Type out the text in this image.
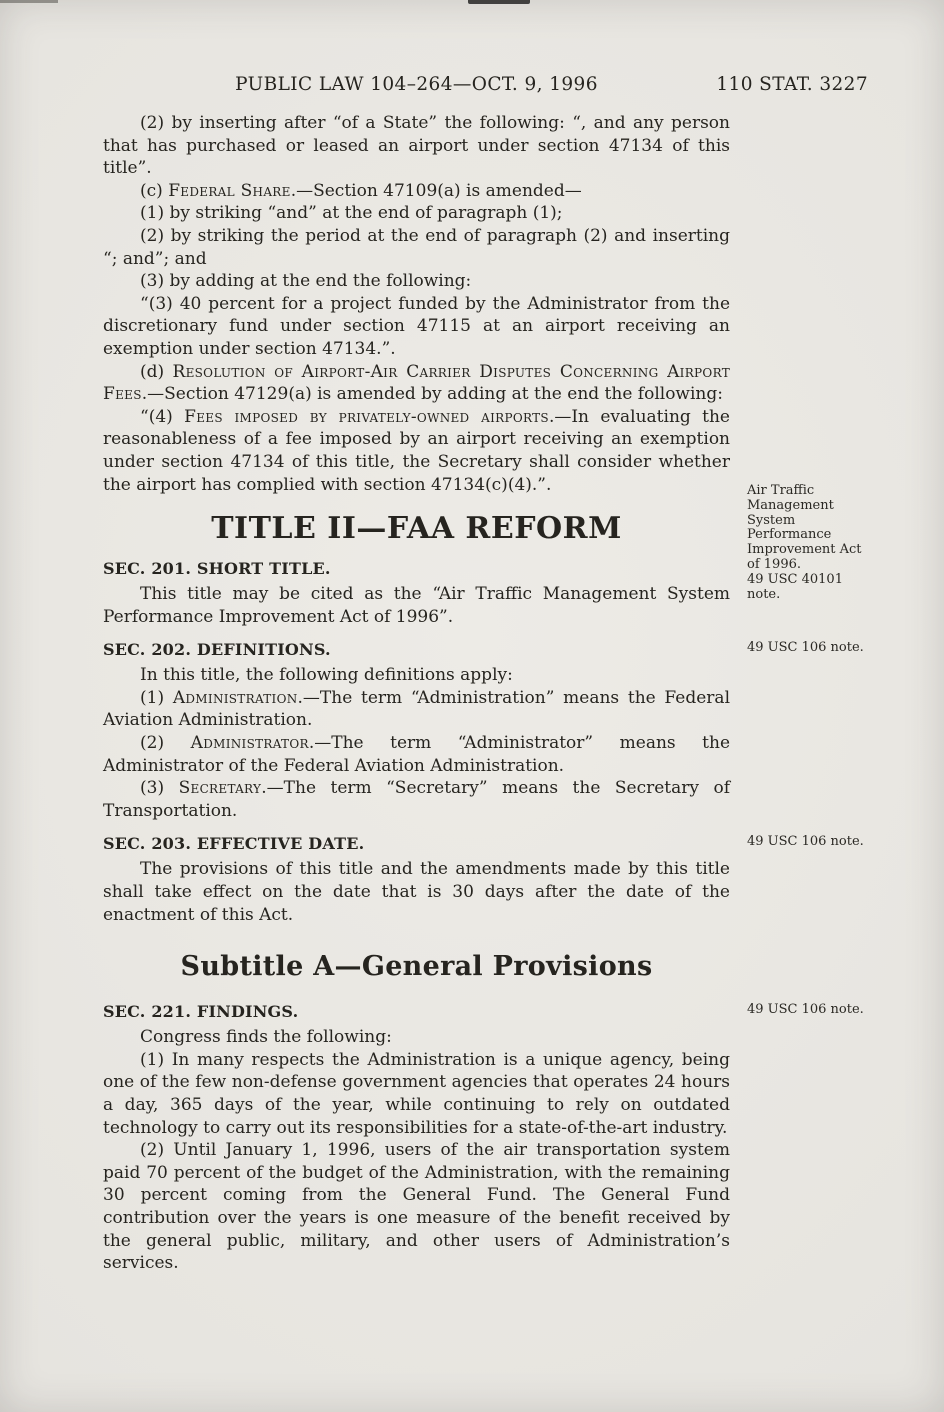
PUBLIC LAW 104–264—OCT. 9, 1996	110 STAT. 3227

(2) by inserting after “of a State” the following: “, and any person that has purchased or leased an airport under section 47134 of this title”.

(c) Federal Share.—Section 47109(a) is amended—

(1) by striking “and” at the end of paragraph (1);

(2) by striking the period at the end of paragraph (2) and inserting “; and”; and

(3) by adding at the end the following:

“(3) 40 percent for a project funded by the Administrator from the discretionary fund under section 47115 at an airport receiving an exemption under section 47134.”.

(d) Resolution of Airport-Air Carrier Disputes Concerning Airport Fees.—Section 47129(a) is amended by adding at the end the following:

“(4) Fees imposed by privately-owned airports.—In evaluating the reasonableness of a fee imposed by an airport receiving an exemption under section 47134 of this title, the Secretary shall consider whether the airport has complied with section 47134(c)(4).”.

TITLE II—FAA REFORM
Air Traffic Management System Performance Improvement Act of 1996.
49 USC 40101 note.
SEC. 201. SHORT TITLE.

This title may be cited as the “Air Traffic Management System Performance Improvement Act of 1996”.

SEC. 202. DEFINITIONS.	49 USC 106 note.

In this title, the following definitions apply:

(1) Administration.—The term “Administration” means the Federal Aviation Administration.

(2) Administrator.—The term “Administrator” means the Administrator of the Federal Aviation Administration.

(3) Secretary.—The term “Secretary” means the Secretary of Transportation.

SEC. 203. EFFECTIVE DATE.	49 USC 106 note.

The provisions of this title and the amendments made by this title shall take effect on the date that is 30 days after the date of the enactment of this Act.

Subtitle A—General Provisions
SEC. 221. FINDINGS.	49 USC 106 note.

Congress finds the following:

(1) In many respects the Administration is a unique agency, being one of the few non-defense government agencies that operates 24 hours a day, 365 days of the year, while continuing to rely on outdated technology to carry out its responsibilities for a state-of-the-art industry.

(2) Until January 1, 1996, users of the air transportation system paid 70 percent of the budget of the Administration, with the remaining 30 percent coming from the General Fund. The General Fund contribution over the years is one measure of the benefit received by the general public, military, and other users of Administration’s services.
